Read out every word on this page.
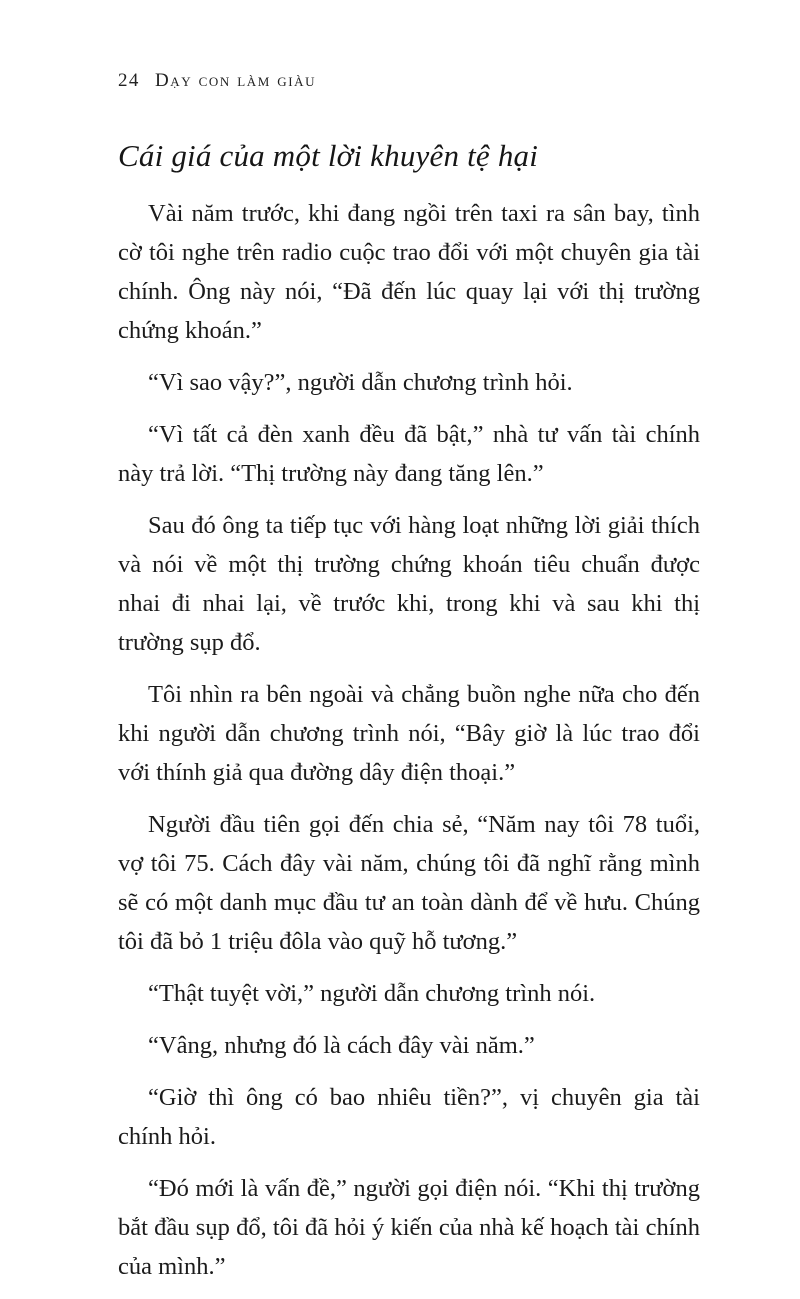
24 Dạy con làm giàu
Cái giá của một lời khuyên tệ hại

Vài năm trước, khi đang ngồi trên taxi ra sân bay, tình cờ tôi nghe trên radio cuộc trao đổi với một chuyên gia tài chính. Ông này nói, “Đã đến lúc quay lại với thị trường chứng khoán.”

“Vì sao vậy?”, người dẫn chương trình hỏi.

“Vì tất cả đèn xanh đều đã bật,” nhà tư vấn tài chính này trả lời. “Thị trường này đang tăng lên.”

Sau đó ông ta tiếp tục với hàng loạt những lời giải thích và nói về một thị trường chứng khoán tiêu chuẩn được nhai đi nhai lại, về trước khi, trong khi và sau khi thị trường sụp đổ.

Tôi nhìn ra bên ngoài và chẳng buồn nghe nữa cho đến khi người dẫn chương trình nói, “Bây giờ là lúc trao đổi với thính giả qua đường dây điện thoại.”

Người đầu tiên gọi đến chia sẻ, “Năm nay tôi 78 tuổi, vợ tôi 75. Cách đây vài năm, chúng tôi đã nghĩ rằng mình sẽ có một danh mục đầu tư an toàn dành để về hưu. Chúng tôi đã bỏ 1 triệu đôla vào quỹ hỗ tương.”

“Thật tuyệt vời,” người dẫn chương trình nói.

“Vâng, nhưng đó là cách đây vài năm.”

“Giờ thì ông có bao nhiêu tiền?”, vị chuyên gia tài chính hỏi.

“Đó mới là vấn đề,” người gọi điện nói. “Khi thị trường bắt đầu sụp đổ, tôi đã hỏi ý kiến của nhà kế hoạch tài chính của mình.”
